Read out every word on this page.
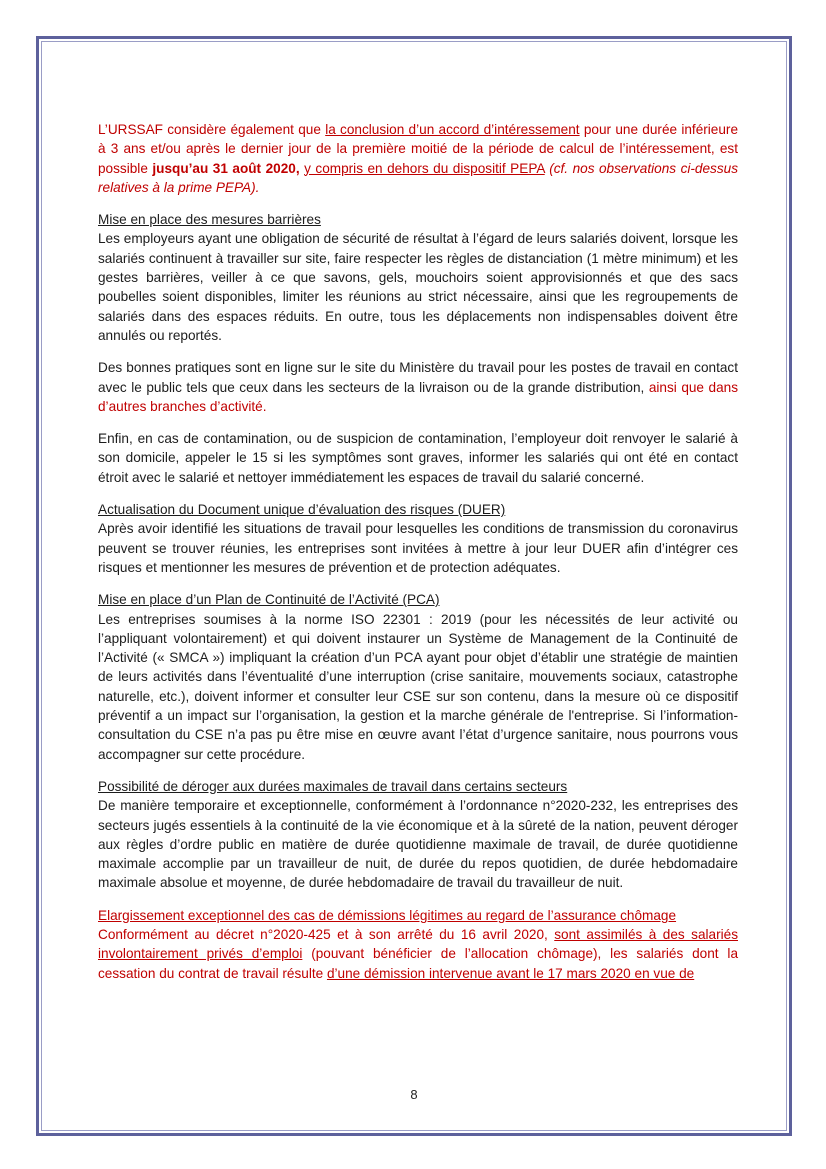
L’URSSAF considère également que la conclusion d’un accord d’intéressement pour une durée inférieure à 3 ans et/ou après le dernier jour de la première moitié de la période de calcul de l’intéressement, est possible jusqu’au 31 août 2020, y compris en dehors du dispositif PEPA (cf. nos observations ci-dessus relatives à la prime PEPA).

Mise en place des mesures barrières

Les employeurs ayant une obligation de sécurité de résultat à l’égard de leurs salariés doivent, lorsque les salariés continuent à travailler sur site, faire respecter les règles de distanciation (1 mètre minimum) et les gestes barrières, veiller à ce que savons, gels, mouchoirs soient approvisionnés et que des sacs poubelles soient disponibles, limiter les réunions au strict nécessaire, ainsi que les regroupements de salariés dans des espaces réduits. En outre, tous les déplacements non indispensables doivent être annulés ou reportés.

Des bonnes pratiques sont en ligne sur le site du Ministère du travail pour les postes de travail en contact avec le public tels que ceux dans les secteurs de la livraison ou de la grande distribution, ainsi que dans d’autres branches d’activité.

Enfin, en cas de contamination, ou de suspicion de contamination, l’employeur doit renvoyer le salarié à son domicile, appeler le 15 si les symptômes sont graves, informer les salariés qui ont été en contact étroit avec le salarié et nettoyer immédiatement les espaces de travail du salarié concerné.

Actualisation du Document unique d’évaluation des risques (DUER)

Après avoir identifié les situations de travail pour lesquelles les conditions de transmission du coronavirus peuvent se trouver réunies, les entreprises sont invitées à mettre à jour leur DUER afin d’intégrer ces risques et mentionner les mesures de prévention et de protection adéquates.

Mise en place d’un Plan de Continuité de l’Activité (PCA)

Les entreprises soumises à la norme ISO 22301 : 2019 (pour les nécessités de leur activité ou l’appliquant volontairement) et qui doivent instaurer un Système de Management de la Continuité de l’Activité (« SMCA ») impliquant la création d’un PCA ayant pour objet d’établir une stratégie de maintien de leurs activités dans l’éventualité d’une interruption (crise sanitaire, mouvements sociaux, catastrophe naturelle, etc.), doivent informer et consulter leur CSE sur son contenu, dans la mesure où ce dispositif préventif a un impact sur l’organisation, la gestion et la marche générale de l'entreprise. Si l’information-consultation du CSE n’a pas pu être mise en œuvre avant l’état d’urgence sanitaire, nous pourrons vous accompagner sur cette procédure.

Possibilité de déroger aux durées maximales de travail dans certains secteurs

De manière temporaire et exceptionnelle, conformément à l’ordonnance n°2020-232, les entreprises des secteurs jugés essentiels à la continuité de la vie économique et à la sûreté de la nation, peuvent déroger aux règles d’ordre public en matière de durée quotidienne maximale de travail, de durée quotidienne maximale accomplie par un travailleur de nuit, de durée du repos quotidien, de durée hebdomadaire maximale absolue et moyenne, de durée hebdomadaire de travail du travailleur de nuit.

Elargissement exceptionnel des cas de démissions légitimes au regard de l’assurance chômage

Conformément au décret n°2020-425 et à son arrêté du 16 avril 2020, sont assimilés à des salariés involontairement privés d’emploi (pouvant bénéficier de l’allocation chômage), les salariés dont la cessation du contrat de travail résulte d’une démission intervenue avant le 17 mars 2020 en vue de

8
